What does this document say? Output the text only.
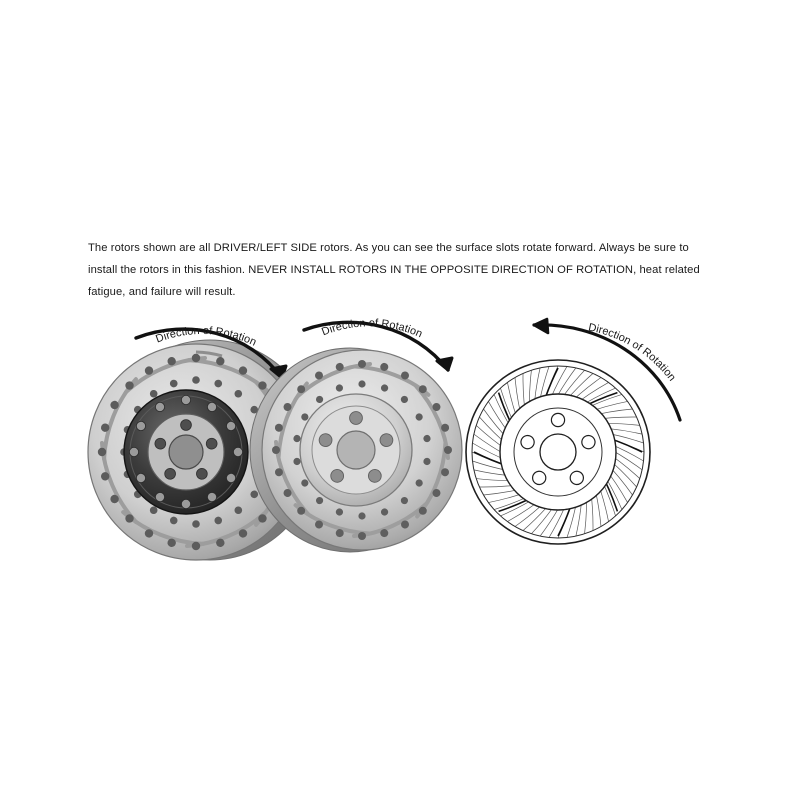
The rotors shown are all DRIVER/LEFT SIDE rotors. As you can see the surface slots rotate forward. Always be sure to install the rotors in this fashion. NEVER INSTALL ROTORS IN THE OPPOSITE DIRECTION OF ROTATION, heat related fatigue, and failure will result.
Direction of Rotation
Direction of Rotation	Direction of Rotation
